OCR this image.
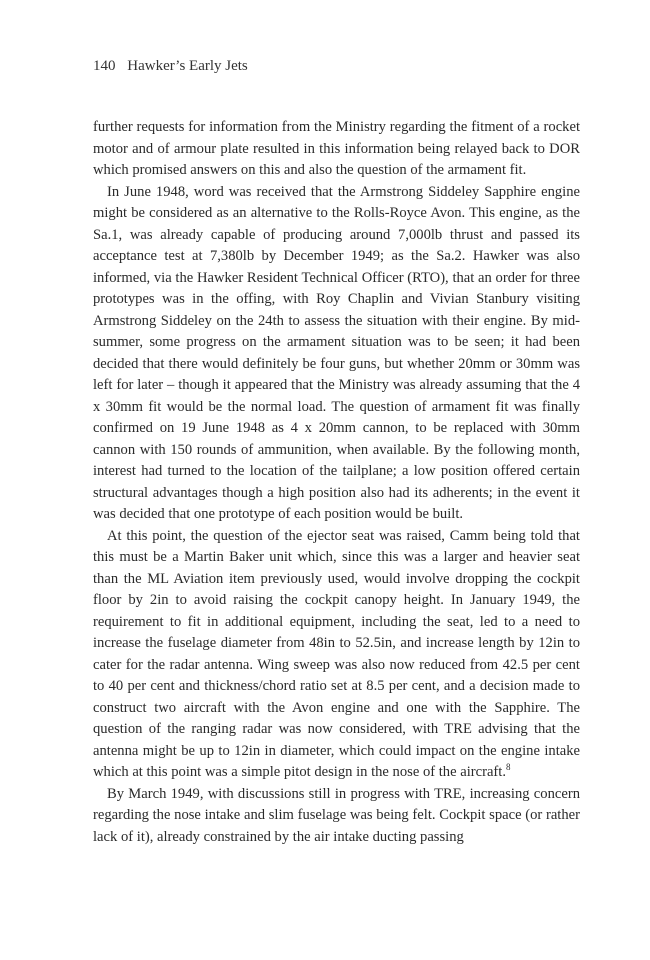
140 Hawker’s Early Jets

further requests for information from the Ministry regarding the fitment of a rocket motor and of armour plate resulted in this information being relayed back to DOR which promised answers on this and also the question of the armament fit.

In June 1948, word was received that the Armstrong Siddeley Sapphire engine might be considered as an alternative to the Rolls-Royce Avon. This engine, as the Sa.1, was already capable of producing around 7,000lb thrust and passed its acceptance test at 7,380lb by December 1949; as the Sa.2. Hawker was also informed, via the Hawker Resident Technical Officer (RTO), that an order for three prototypes was in the offing, with Roy Chaplin and Vivian Stanbury visiting Armstrong Siddeley on the 24th to assess the situation with their engine. By mid-summer, some progress on the armament situation was to be seen; it had been decided that there would definitely be four guns, but whether 20mm or 30mm was left for later – though it appeared that the Ministry was already assuming that the 4 x 30mm fit would be the normal load. The question of armament fit was finally confirmed on 19 June 1948 as 4 x 20mm cannon, to be replaced with 30mm cannon with 150 rounds of ammunition, when available. By the following month, interest had turned to the location of the tailplane; a low position offered certain structural advantages though a high position also had its adherents; in the event it was decided that one prototype of each position would be built.

At this point, the question of the ejector seat was raised, Camm being told that this must be a Martin Baker unit which, since this was a larger and heavier seat than the ML Aviation item previously used, would involve dropping the cockpit floor by 2in to avoid raising the cockpit canopy height. In January 1949, the requirement to fit in additional equipment, including the seat, led to a need to increase the fuselage diameter from 48in to 52.5in, and increase length by 12in to cater for the radar antenna. Wing sweep was also now reduced from 42.5 per cent to 40 per cent and thickness/chord ratio set at 8.5 per cent, and a decision made to construct two aircraft with the Avon engine and one with the Sapphire. The question of the ranging radar was now considered, with TRE advising that the antenna might be up to 12in in diameter, which could impact on the engine intake which at this point was a simple pitot design in the nose of the aircraft.$^8$

By March 1949, with discussions still in progress with TRE, increasing concern regarding the nose intake and slim fuselage was being felt. Cockpit space (or rather lack of it), already constrained by the air intake ducting passing
